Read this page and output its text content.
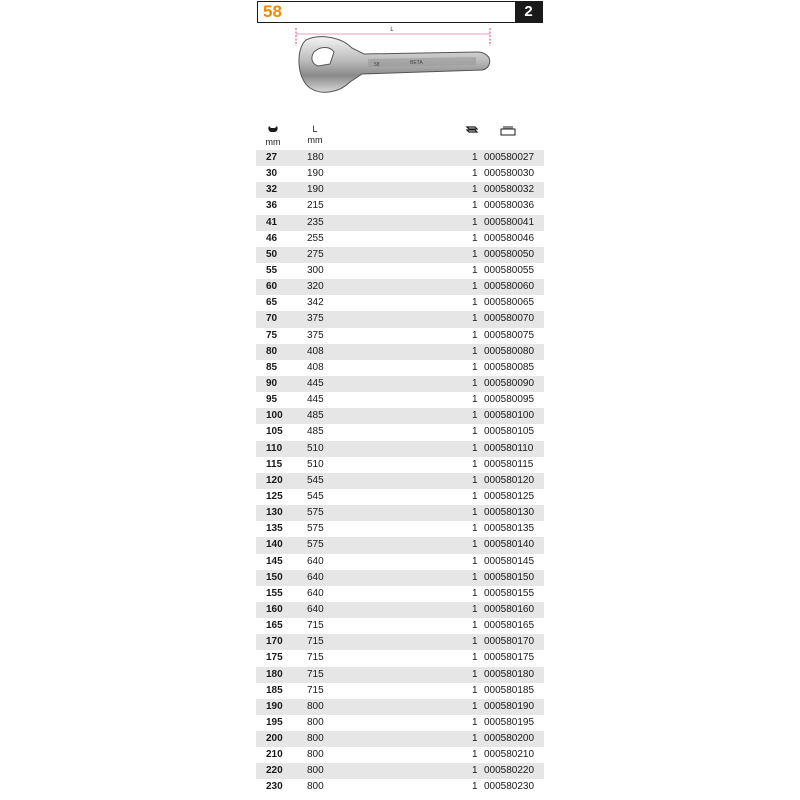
58	2
L
58	BETA
mm
L
mm
27	180	1 000580027
30	190	1 000580030
32	190	1 000580032
36	215	1 000580036
41	235	1 000580041
46	255	1 000580046
50	275	1 000580050
55	300	1 000580055
60	320	1 000580060
65	342	1 000580065
70	375	1 000580070
75	375	1 000580075
80	408	1 000580080
85	408	1 000580085
90	445	1 000580090
95	445	1 000580095
100 485	1 000580100
105 485	1 000580105
110 510	1 000580110
115 510	1 000580115
120 545	1 000580120
125 545	1 000580125
130 575	1 000580130
135 575	1 000580135
140 575	1 000580140
145 640	1 000580145
150 640	1 000580150
155 640	1 000580155
160 640	1 000580160
165 715	1 000580165
170 715	1 000580170
175 715	1 000580175
180 715	1 000580180
185 715	1 000580185
190 800	1 000580190
195 800	1 000580195
200 800	1 000580200
210 800	1 000580210
220 800	1 000580220
230 800	1 000580230
